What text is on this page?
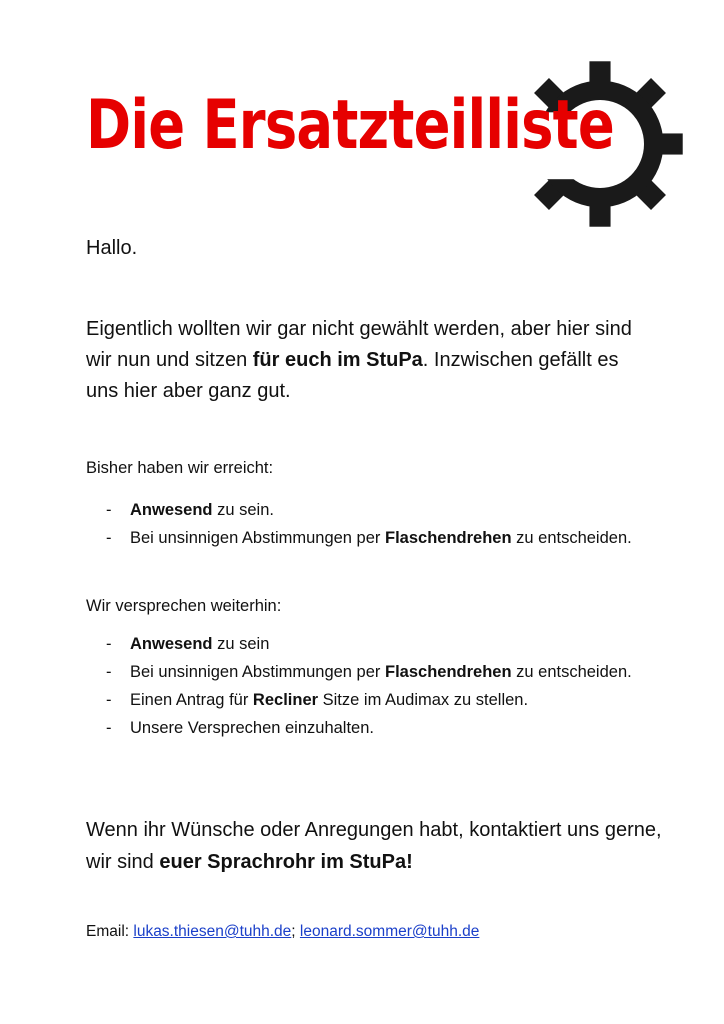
Die Ersatzteilliste
Hallo.

Eigentlich wollten wir gar nicht gewählt werden, aber hier sind wir nun und sitzen für euch im StuPa. Inzwischen gefällt es uns hier aber ganz gut.

Bisher haben wir erreicht:
- Anwesend zu sein.
- Bei unsinnigen Abstimmungen per Flaschendrehen zu entscheiden.
Wir versprechen weiterhin:
- Anwesend zu sein
- Bei unsinnigen Abstimmungen per Flaschendrehen zu entscheiden.
- Einen Antrag für Recliner Sitze im Audimax zu stellen.
- Unsere Versprechen einzuhalten.

Wenn ihr Wünsche oder Anregungen habt, kontaktiert uns gerne, wir sind euer Sprachrohr im StuPa!

Email: lukas.thiesen@tuhh.de; leonard.sommer@tuhh.de
